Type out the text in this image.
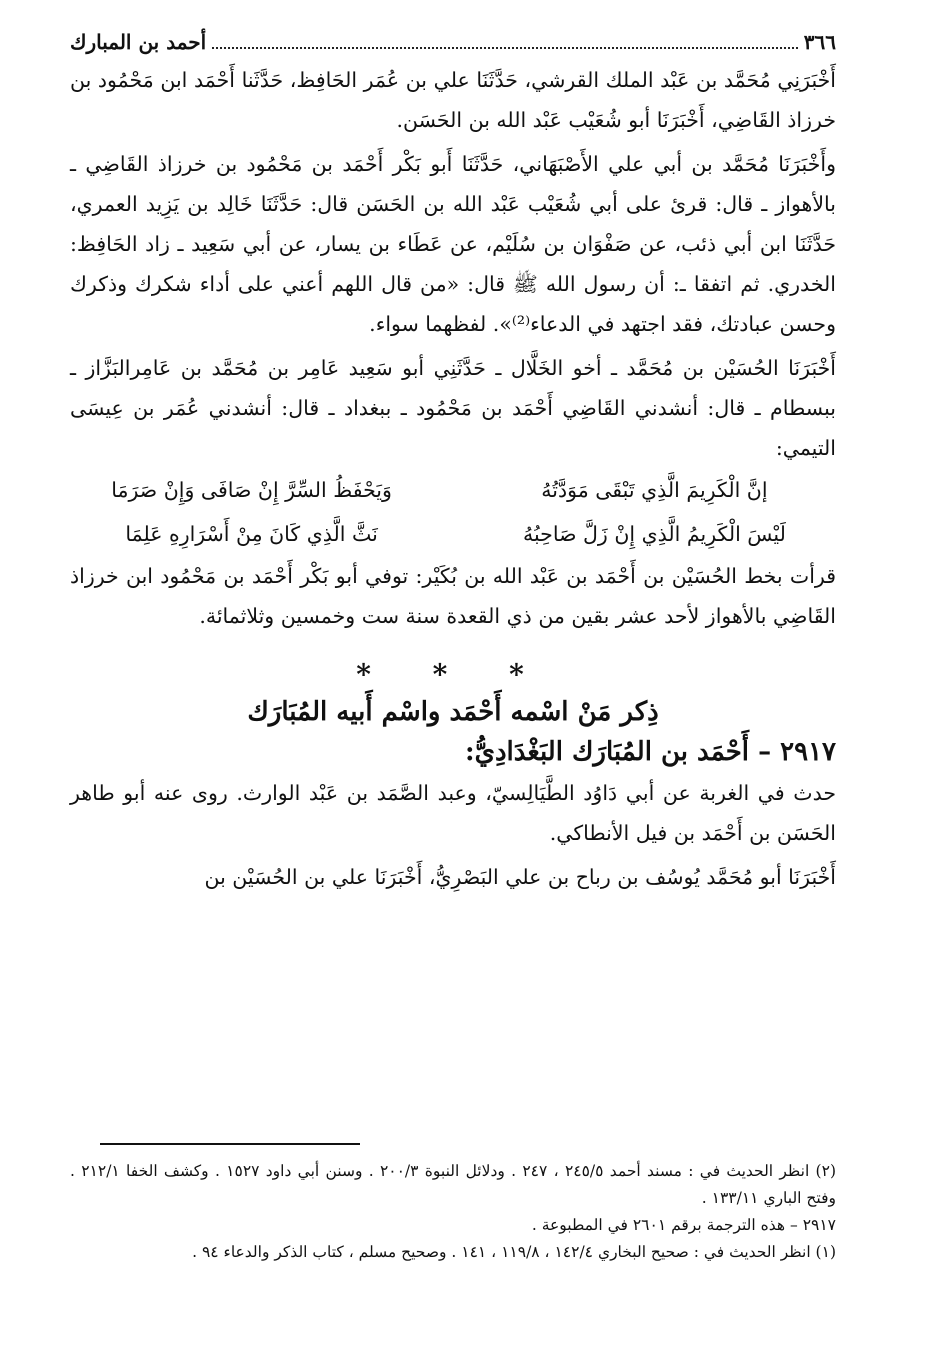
٣٦٦
أحمد بن المبارك

أَخْبَرَنِي مُحَمَّد بن عَبْد الملك القرشي، حَدَّثَنَا علي بن عُمَر الحَافِظ، حَدَّثَنا أَحْمَد ابن مَحْمُود بن خرزاذ القَاضِي، أَخْبَرَنَا أبو شُعَيْب عَبْد الله بن الحَسَن.

وأَخْبَرَنَا مُحَمَّد بن أبي علي الأَصْبَهَاني، حَدَّثَنَا أَبو بَكْر أَحْمَد بن مَحْمُود بن خرزاذ القَاضِي ـ بالأهواز ـ قال: قرئ على أبي شُعَيْب عَبْد الله بن الحَسَن قال: حَدَّثَنَا خَالِد بن يَزِيد العمري، حَدَّثَنَا ابن أبي ذئب، عن صَفْوَان بن سُلَيْم، عن عَطَاء بن يسار، عن أبي سَعِيد ـ زاد الحَافِظ: الخدري. ثم اتفقا ـ: أن رسول الله ﷺ قال: «من قال اللهم أعني على أداء شكرك وذكرك وحسن عبادتك، فقد اجتهد في الدعاء⁽²⁾». لفظهما سواء.

أَخْبَرَنَا الحُسَيْن بن مُحَمَّد ـ أخو الخَلَّال ـ حَدَّثَنِي أبو سَعِيد عَامِر بن مُحَمَّد بن عَامِرالبَزَّاز ـ ببسطام ـ قال: أنشدني القَاضِي أَحْمَد بن مَحْمُود ـ ببغداد ـ قال: أنشدني عُمَر بن عِيسَى التيمي:

إنَّ الْكَرِيمَ الَّذِي تَبْقَى مَوَدَّتُهُ
وَيَحْفَظُ السِّرَّ إِنْ صَافَى وَإِنْ صَرَمَا
لَيْسَ الْكَرِيمُ الَّذِي إِنْ زَلَّ صَاحِبُهُ
نَثَّ الَّذِي كَانَ مِنْ أَسْرَارِهِ عَلِمَا

قرأت بخط الحُسَيْن بن أَحْمَد بن عَبْد الله بن بُكَيْر: توفي أبو بَكْر أَحْمَد بن مَحْمُود ابن خرزاذ القَاضِي بالأهواز لأحد عشر بقين من ذي القعدة سنة ست وخمسين وثلاثمائة.

* * *
ذِكر مَنْ اسْمه أَحْمَد واسْم أَبيه المُبَارَك
٢٩١٧ – أَحْمَد بن المُبَارَك البَغْدَادِيُّ:

حدث في الغربة عن أبي دَاوُد الطَّيَالِسيّ، وعبد الصَّمَد بن عَبْد الوارث. روى عنه أبو طاهر الحَسَن بن أَحْمَد بن فيل الأنطاكي.

أَخْبَرَنَا أبو مُحَمَّد يُوسُف بن رباح بن علي البَصْرِيُّ، أَخْبَرَنَا علي بن الحُسَيْن بن

(٢) انظر الحديث في : مسند أحمد ٢٤٥/٥ ، ٢٤٧ . ودلائل النبوة ٢٠٠/٣ . وسنن أبي داود ١٥٢٧ . وكشف الخفا ٢١٢/١ . وفتح الباري ١٣٣/١١ .

٢٩١٧ – هذه الترجمة برقم ٢٦٠١ في المطبوعة .

(١) انظر الحديث في : صحيح البخاري ١٤٢/٤ ، ١١٩/٨ ، ١٤١ . وصحيح مسلم ، كتاب الذكر والدعاء ٩٤ .
